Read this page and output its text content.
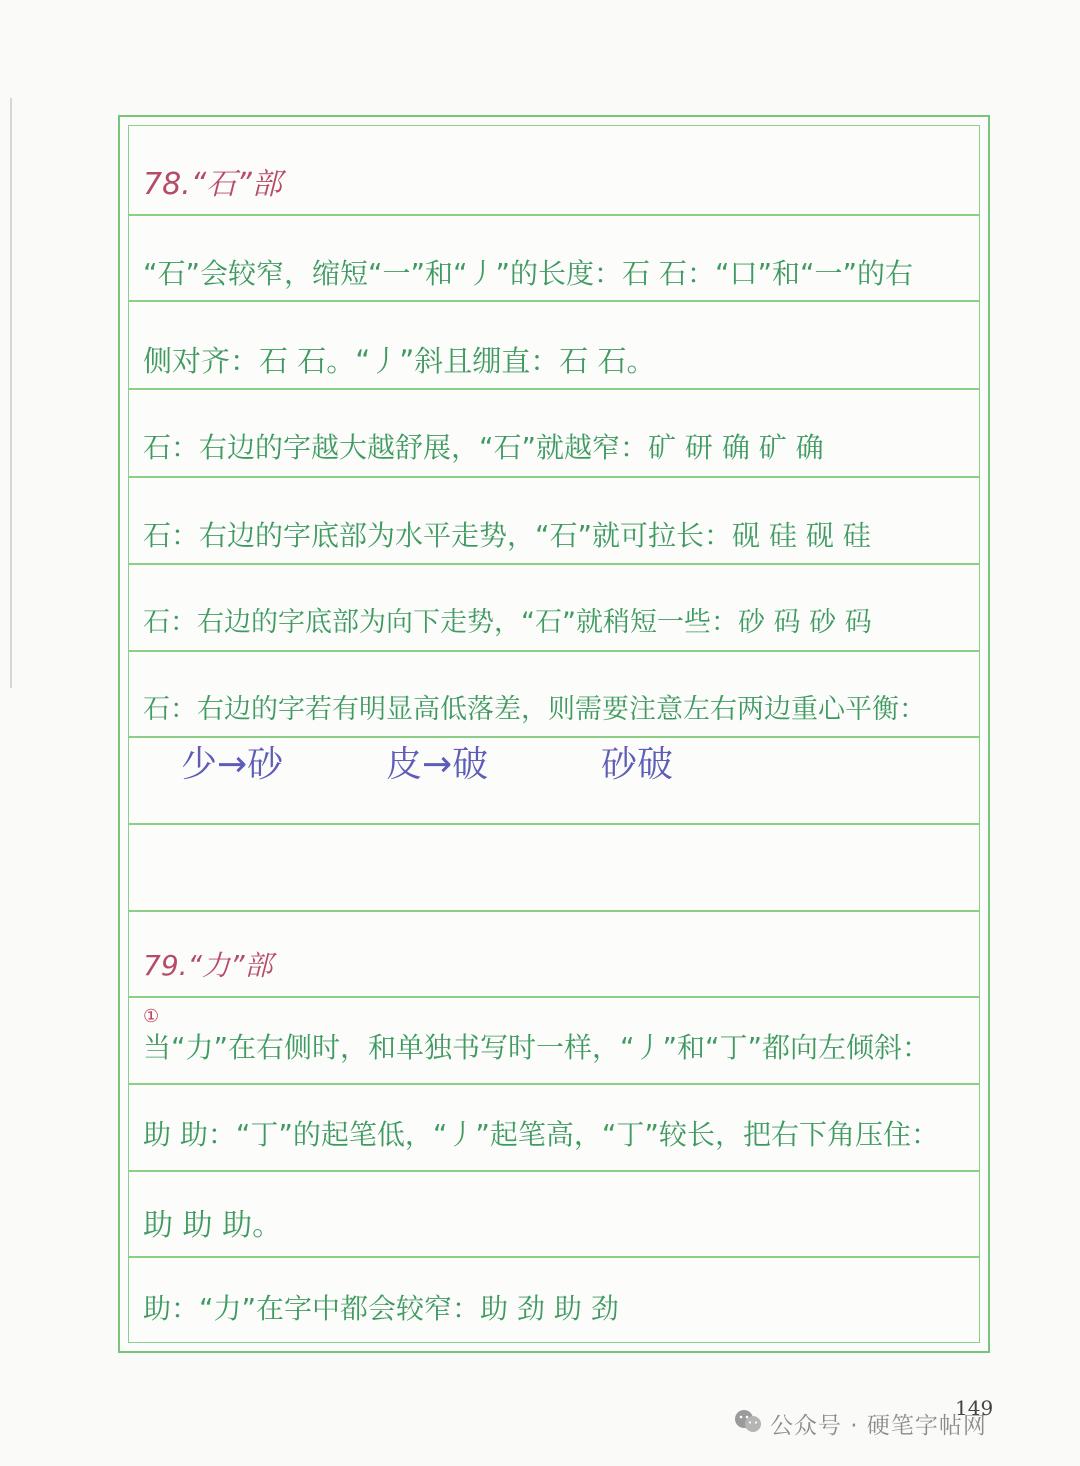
78.“石”部
“石”会较窄，缩短“一”和“丿”的长度：石 石：“口”和“一”的右
侧对齐：石 石。“丿”斜且绷直：石 石。
石：右边的字越大越舒展，“石”就越窄：矿 研 确 矿 确
石：右边的字底部为水平走势，“石”就可拉长：砚 硅 砚 硅
石：右边的字底部为向下走势，“石”就稍短一些：砂 码 砂 码
石：右边的字若有明显高低落差，则需要注意左右两边重心平衡：
少→砂	皮→破	砂破
79.“力”部
①
当“力”在右侧时，和单独书写时一样，“丿”和“丁”都向左倾斜：
助 助：“丁”的起笔低，“丿”起笔高，“丁”较长，把右下角压住：
助 助 助。
助：“力”在字中都会较窄：助 劲 助 劲
公众号 · 硬笔字帖网
149
